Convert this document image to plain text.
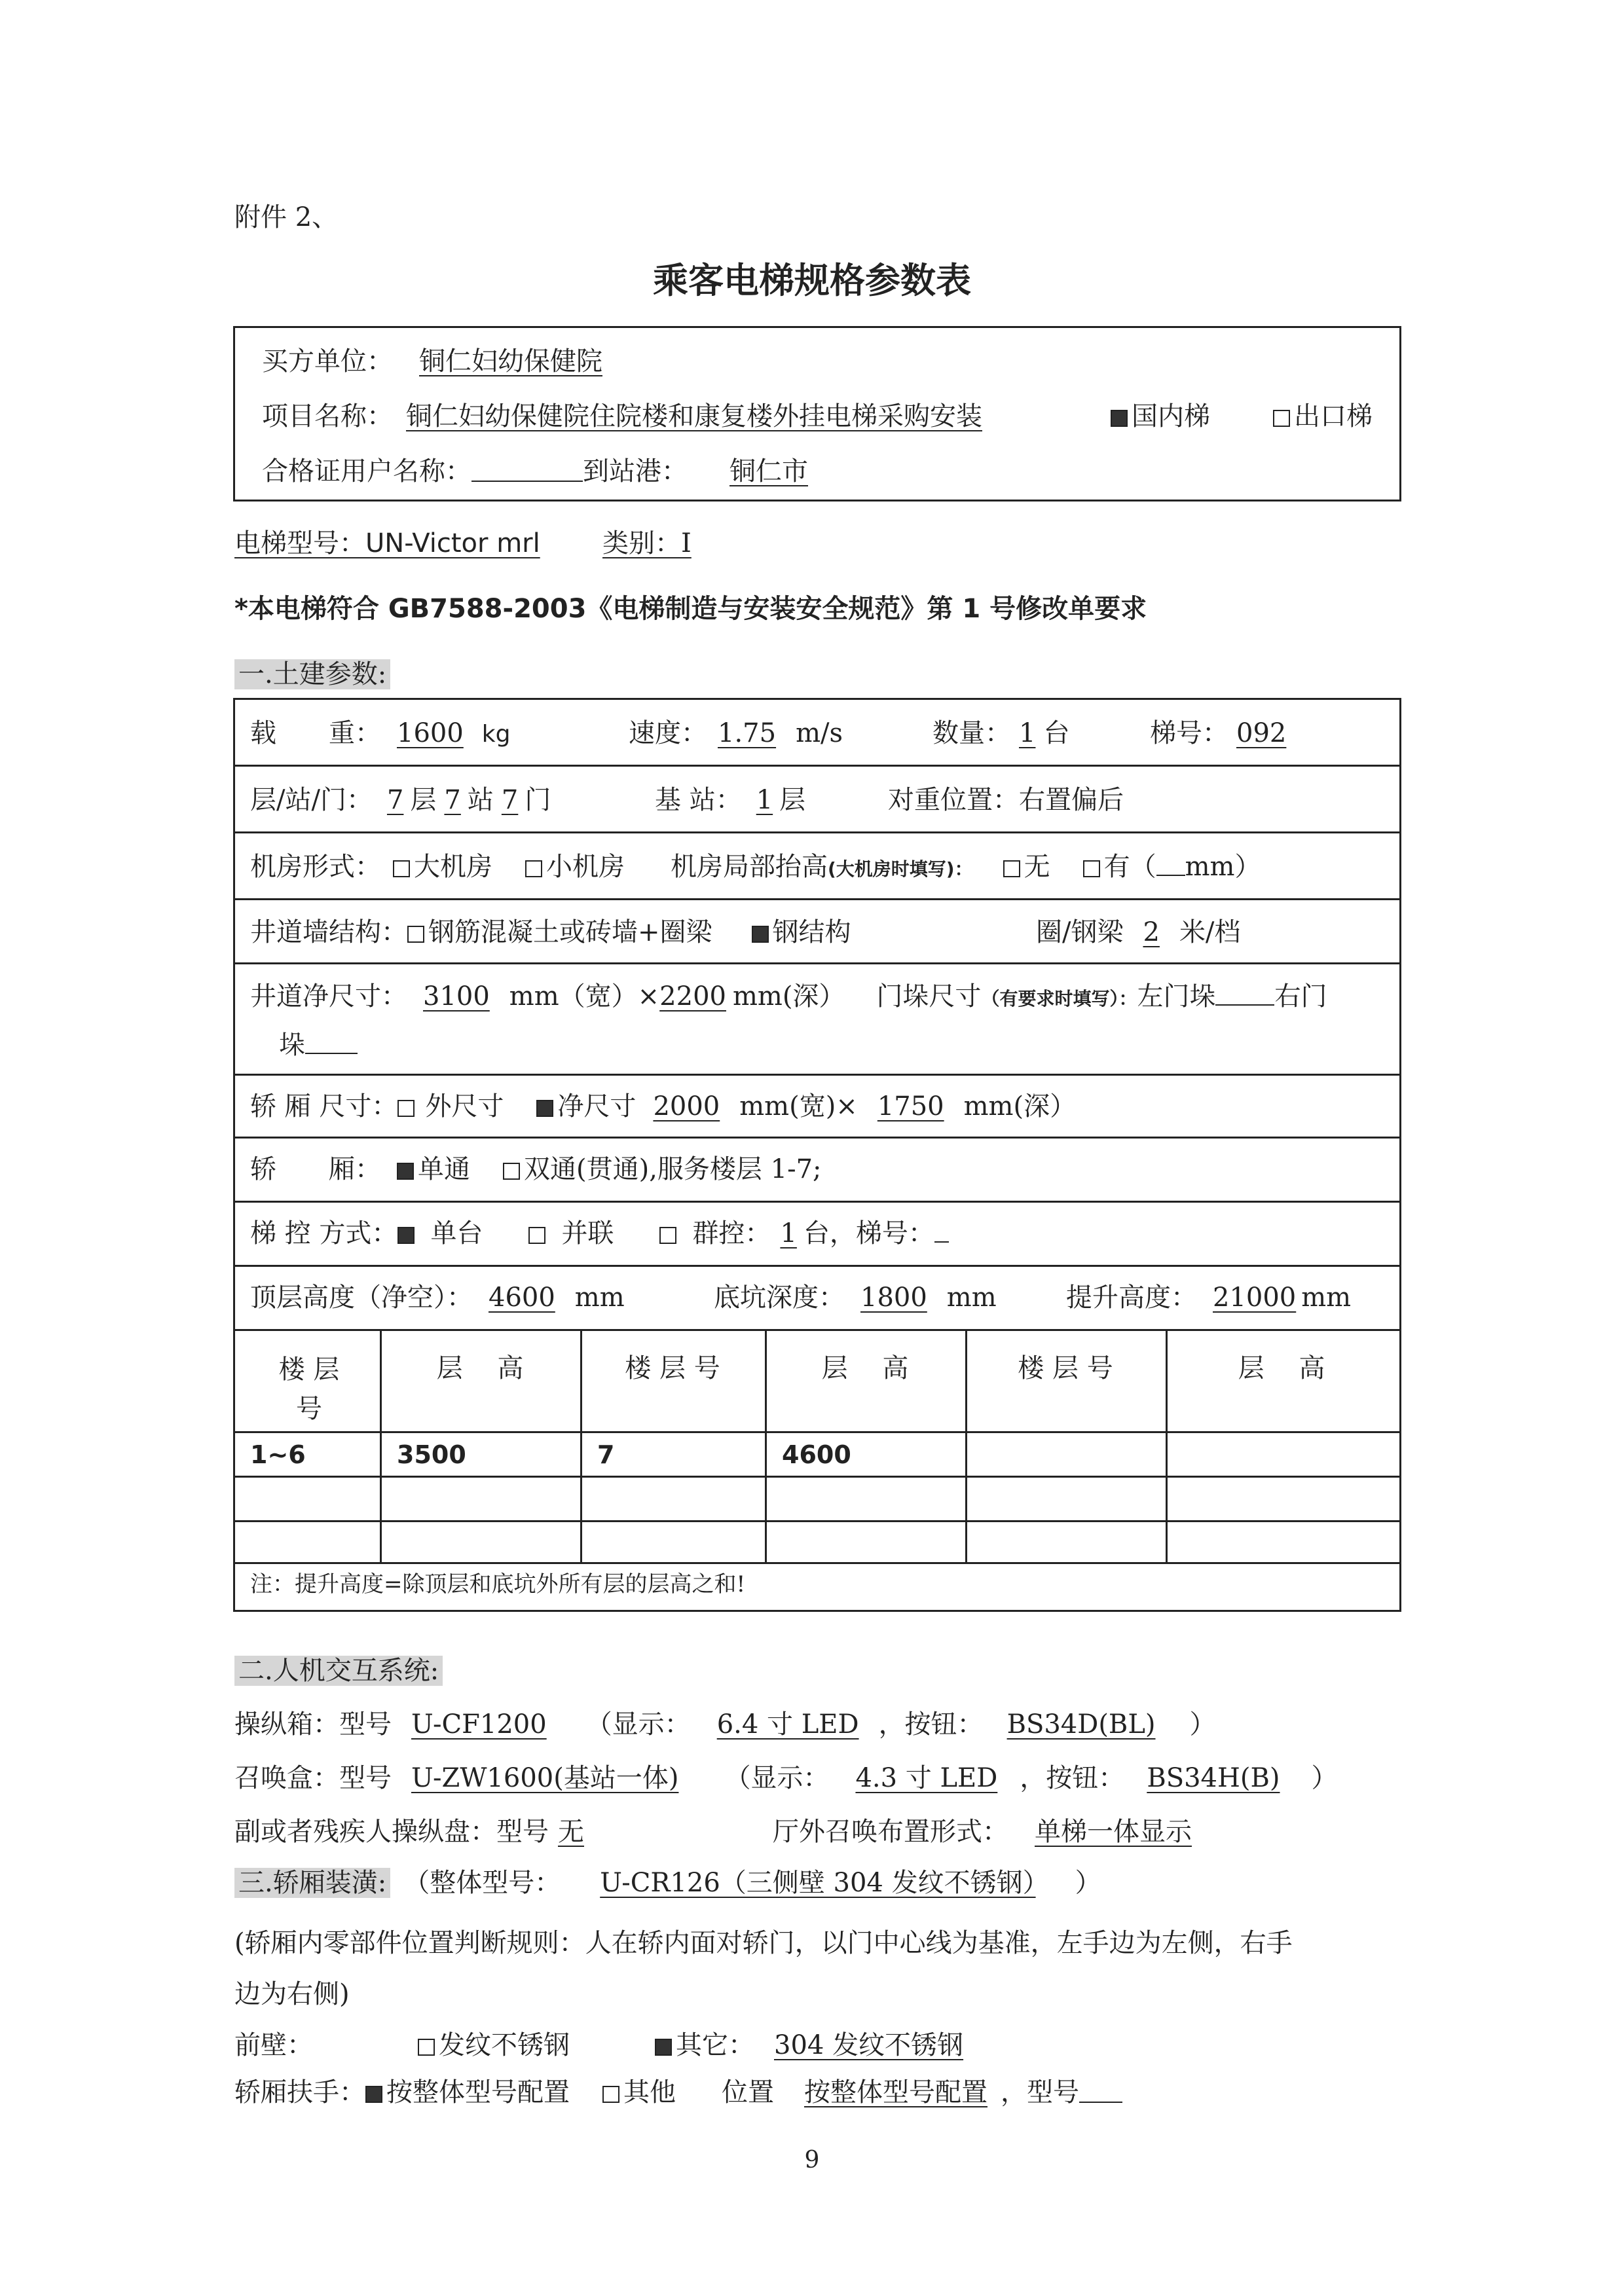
附件 2、
乘客电梯规格参数表
买方单位： 铜仁妇幼保健院
项目名称： 铜仁妇幼保健院住院楼和康复楼外挂电梯采购安装	国内梯	出口梯
合格证用户名称：	到站港： 铜仁市
电梯型号：UN-Victor mrl 类别：Ⅰ
*本电梯符合 GB7588-2003《电梯制造与安装安全规范》第 1 号修改单要求
一.土建参数:
载　　重： 1600 kg	速度： 1.75 m/s	数量： 1 台	梯号： 092
层/站/门： 7 层 7 站 7 门	基 站： 1 层	对重位置：右置偏后
机房形式： 大机房 小机房 机房局部抬高(大机房时填写)： 无 有（ mm）
井道墙结构： 钢筋混凝土或砖墙+圈梁 钢结构	圈/钢梁 2 米/档
井道净尺寸： 3100 mm（宽）×2200 mm(深） 门垛尺寸（有要求时填写）：左门垛 右门
垛
轿 厢 尺寸： 外尺寸 净尺寸 2000 mm(宽)× 1750 mm(深）
轿　　厢： 单通 双通(贯通),服务楼层 1-7;
梯 控 方式： 单台	并联	群控： 1 台，梯号：
顶层高度（净空）： 4600 mm	底坑深度： 1800 mm	提升高度： 21000 mm
楼 层
号
层　 高	楼 层 号	层　 高	楼 层 号	层　 高
1~6	3500	7	4600
注：提升高度=除顶层和底坑外所有层的层高之和!
二.人机交互系统:
操纵箱：型号 U-CF1200 （显示： 6.4 寸 LED ，按钮： BS34D(BL) ）
召唤盒：型号 U-ZW1600(基站一体) （显示： 4.3 寸 LED ，按钮： BS34H(B) ）
副或者残疾人操纵盘：型号 无	厅外召唤布置形式： 单梯一体显示
三.轿厢装潢: （整体型号： U-CR126（三侧壁 304 发纹不锈钢） ）
(轿厢内零部件位置判断规则：人在轿内面对轿门，以门中心线为基准，左手边为左侧，右手
边为右侧)
前壁：	发纹不锈钢	其它： 304 发纹不锈钢
轿厢扶手： 按整体型号配置 其他 位置 按整体型号配置 ，型号
9
